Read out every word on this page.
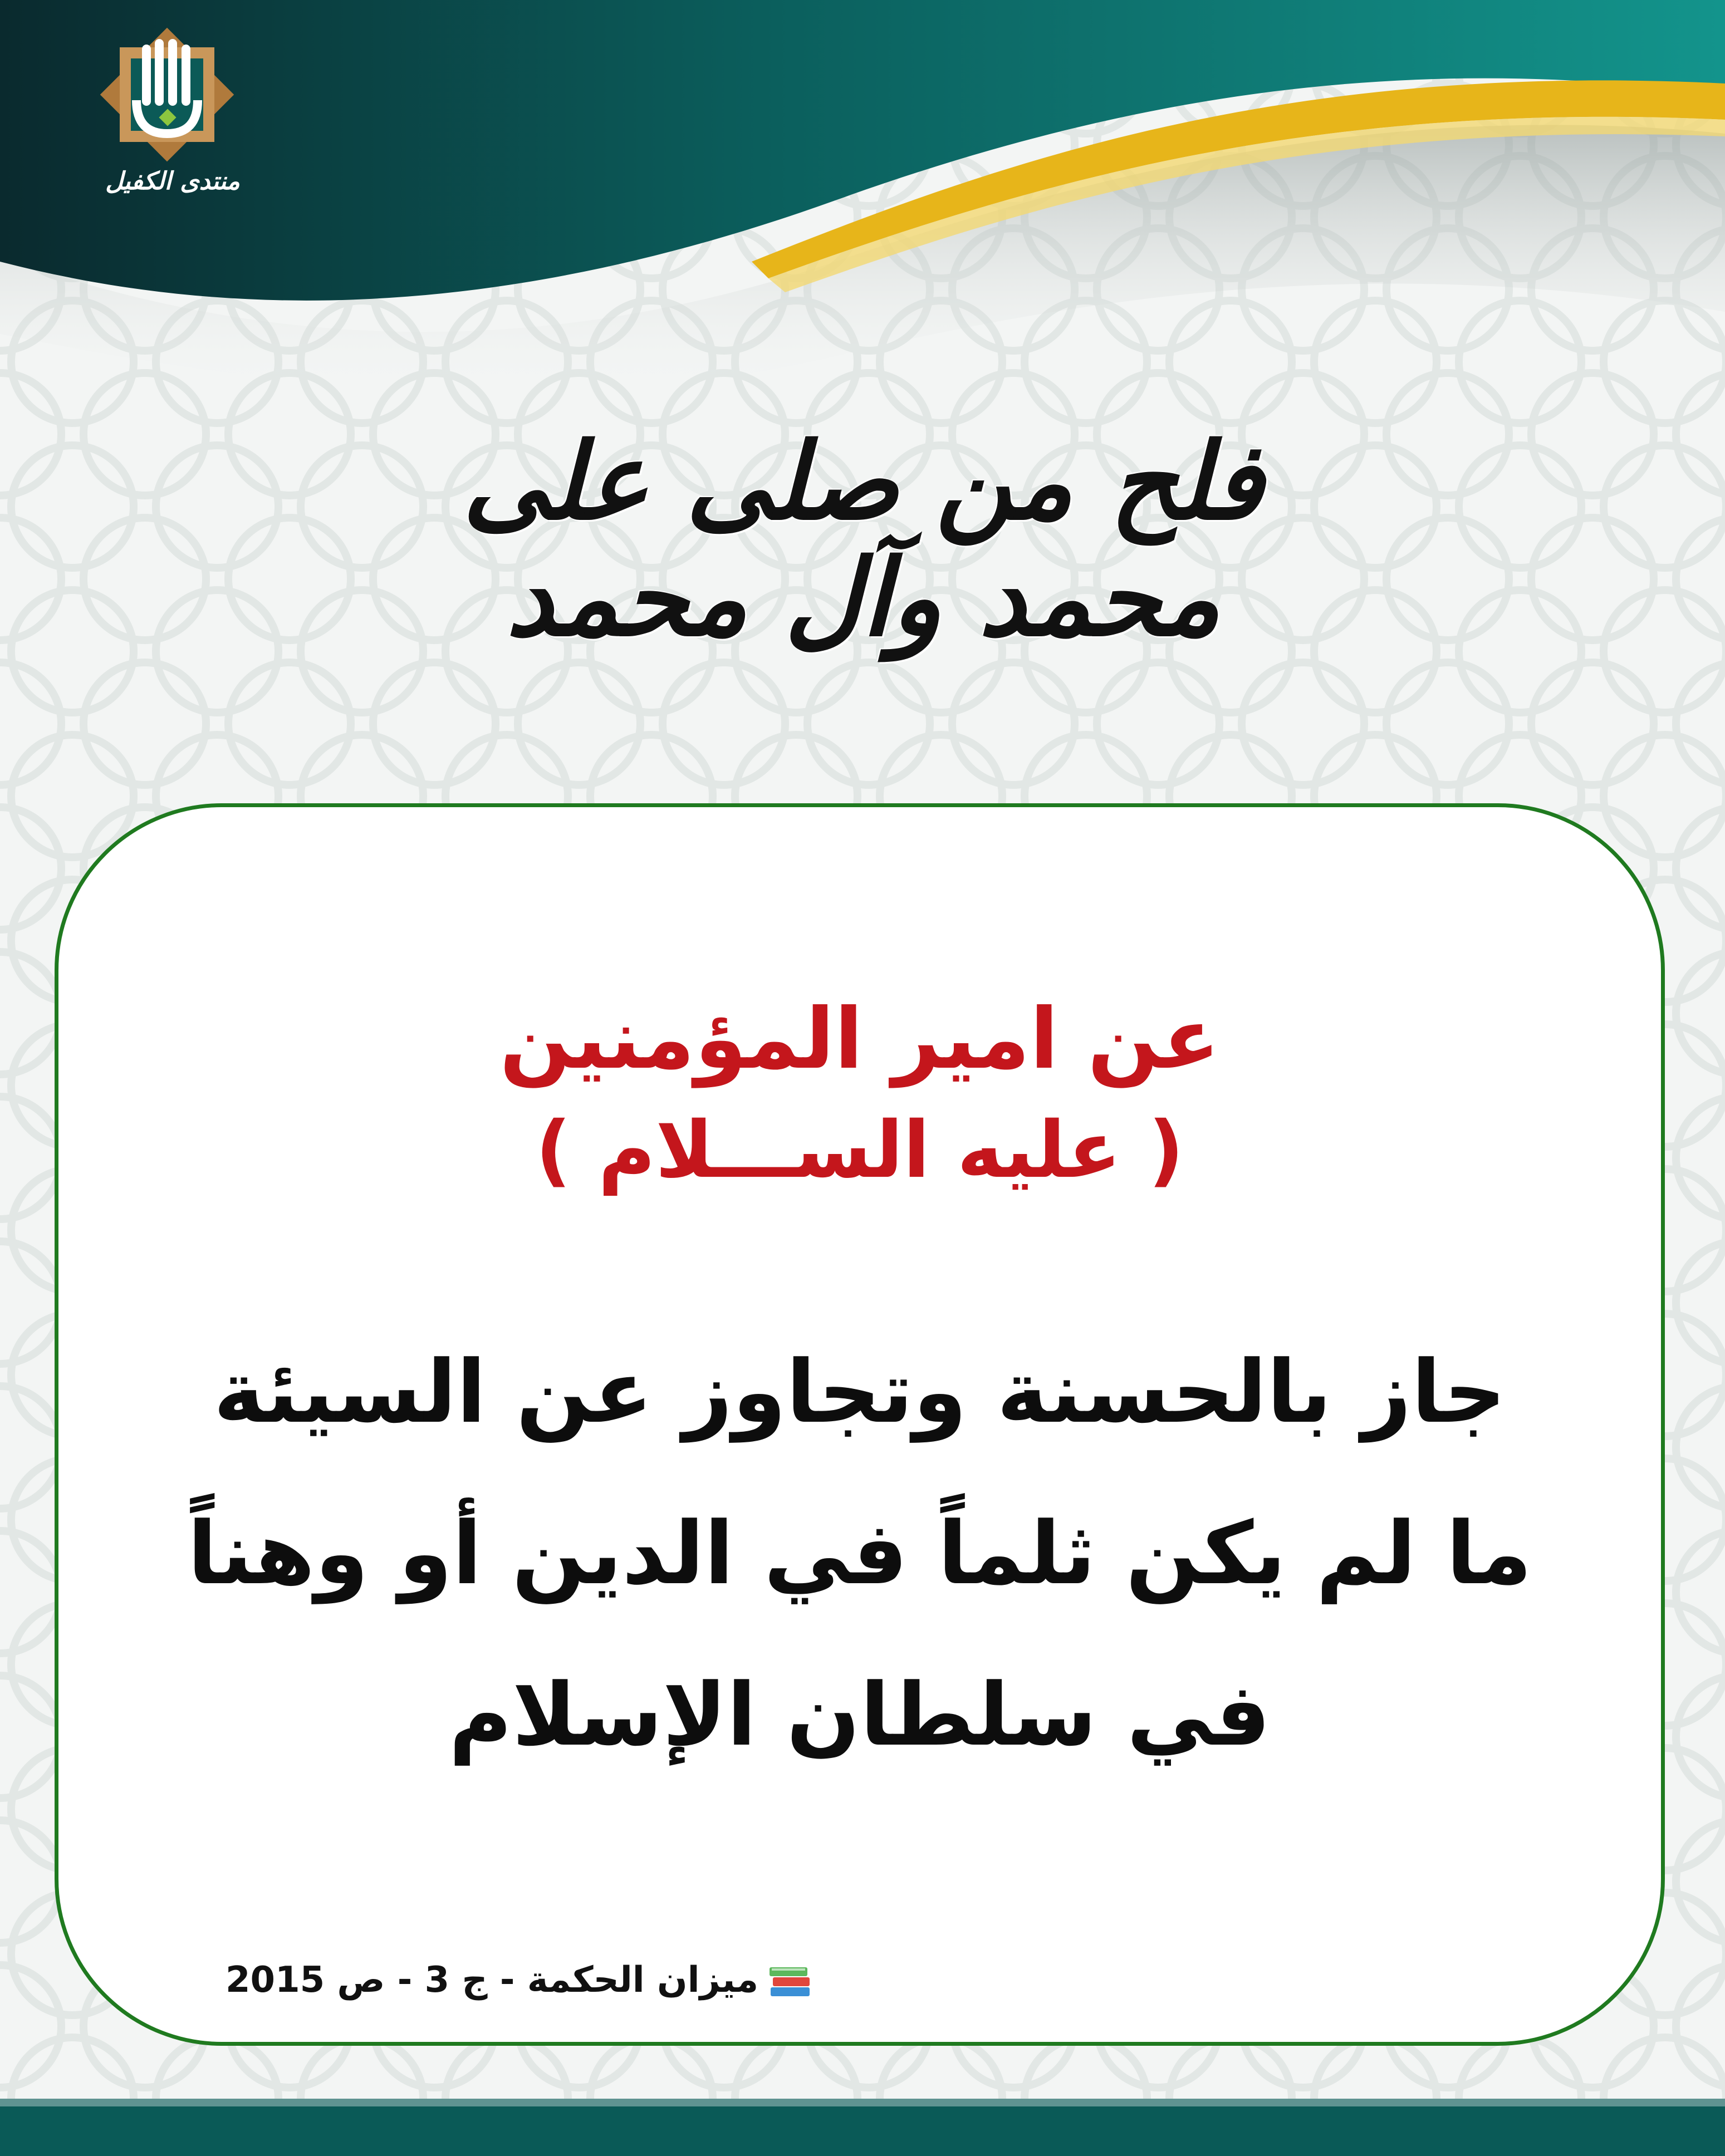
منتدى الكفيل
فلح من صلى على محمد وآل محمد
عن امير المؤمنين
( عليه الســـلام )
جاز بالحسنة وتجاوز عن السيئة
ما لم يكن ثلماً في الدين أو وهناً
في سلطان الإسلام
ميزان الحكمة - ج 3 - ص 2015
